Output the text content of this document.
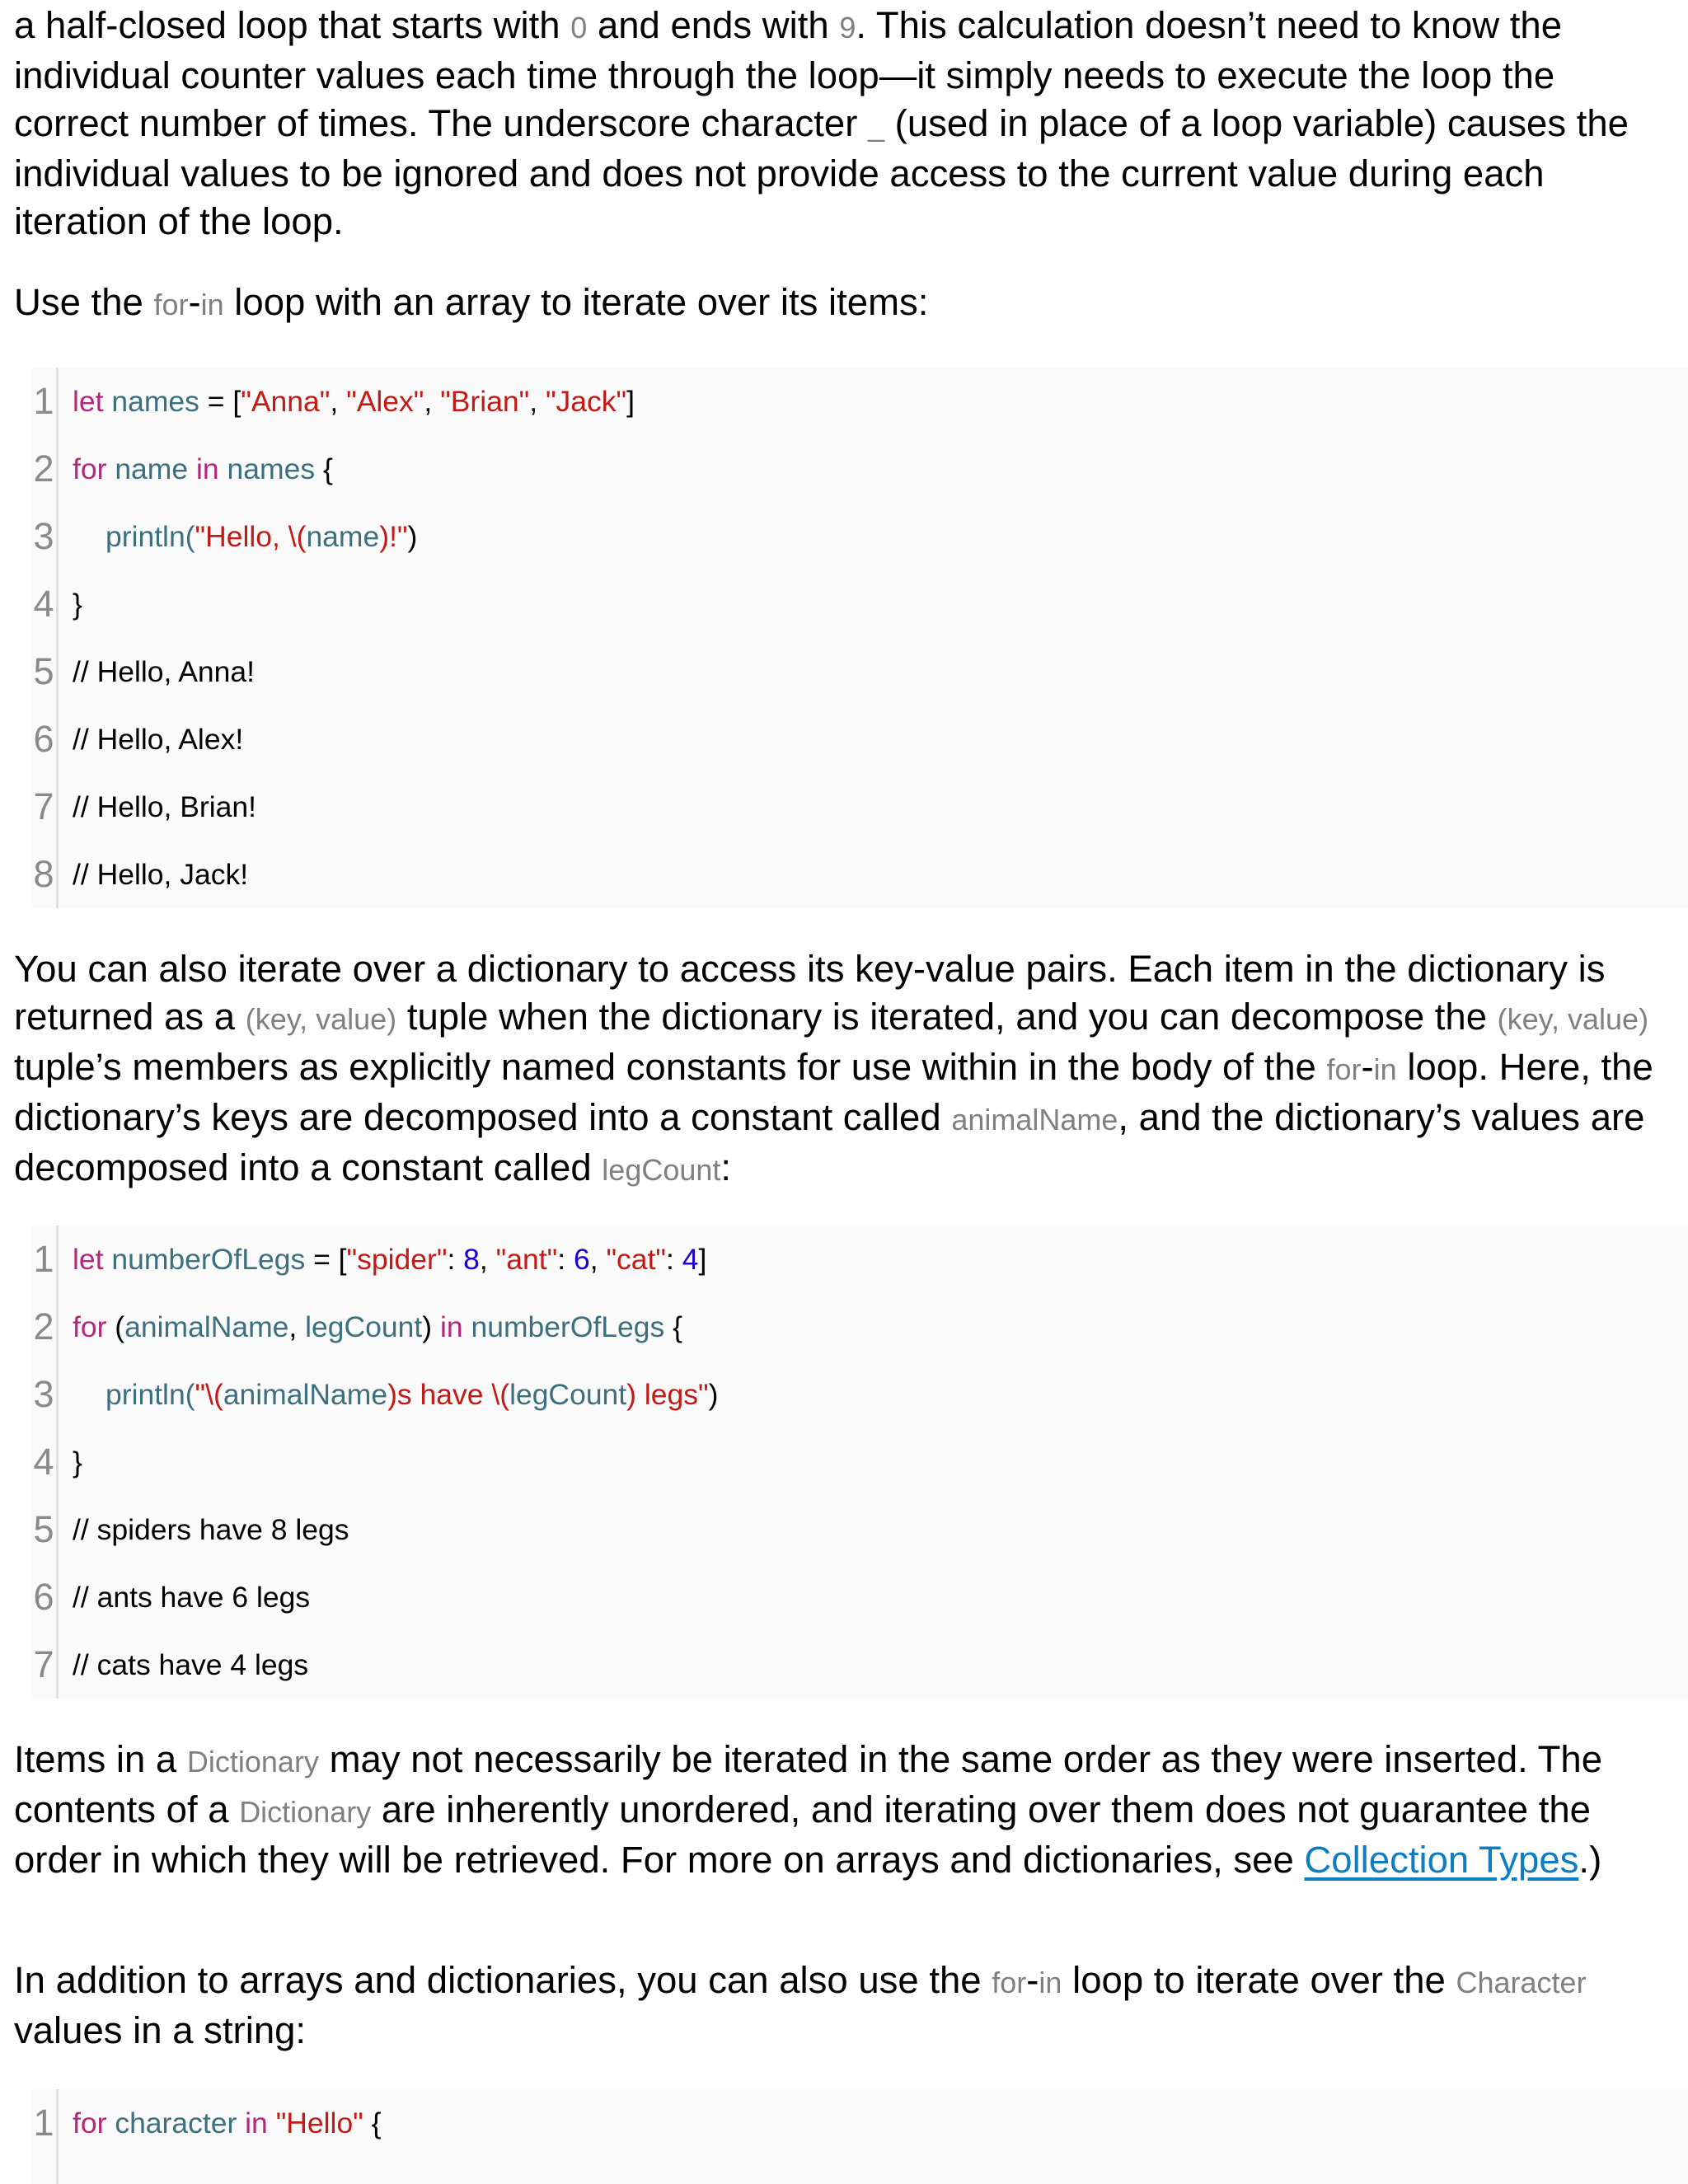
a half-closed loop that starts with 0 and ends with 9. This calculation doesn’t need to know the individual counter values each time through the loop—it simply needs to execute the loop the correct number of times. The underscore character _ (used in place of a loop variable) causes the individual values to be ignored and does not provide access to the current value during each iteration of the loop.

Use the for-in loop with an array to iterate over its items:

1 let names = ["Anna", "Alex", "Brian", "Jack"]
2 for name in names {
3	println("Hello, \(name)!")
4 }
5 // Hello, Anna!
6 // Hello, Alex!
7 // Hello, Brian!
8 // Hello, Jack!

You can also iterate over a dictionary to access its key-value pairs. Each item in the dictionary is returned as a (key, value) tuple when the dictionary is iterated, and you can decompose the (key, value) tuple’s members as explicitly named constants for use within in the body of the for-in loop. Here, the dictionary’s keys are decomposed into a constant called animalName, and the dictionary’s values are decomposed into a constant called legCount:

1 let numberOfLegs = ["spider": 8, "ant": 6, "cat": 4]
2 for (animalName, legCount) in numberOfLegs {
3	println("\(animalName)s have \(legCount) legs")
4 }
5 // spiders have 8 legs
6 // ants have 6 legs
7 // cats have 4 legs

Items in a Dictionary may not necessarily be iterated in the same order as they were inserted. The contents of a Dictionary are inherently unordered, and iterating over them does not guarantee the order in which they will be retrieved. For more on arrays and dictionaries, see Collection Types.)

In addition to arrays and dictionaries, you can also use the for-in loop to iterate over the Character values in a string:

1 for character in "Hello" {
